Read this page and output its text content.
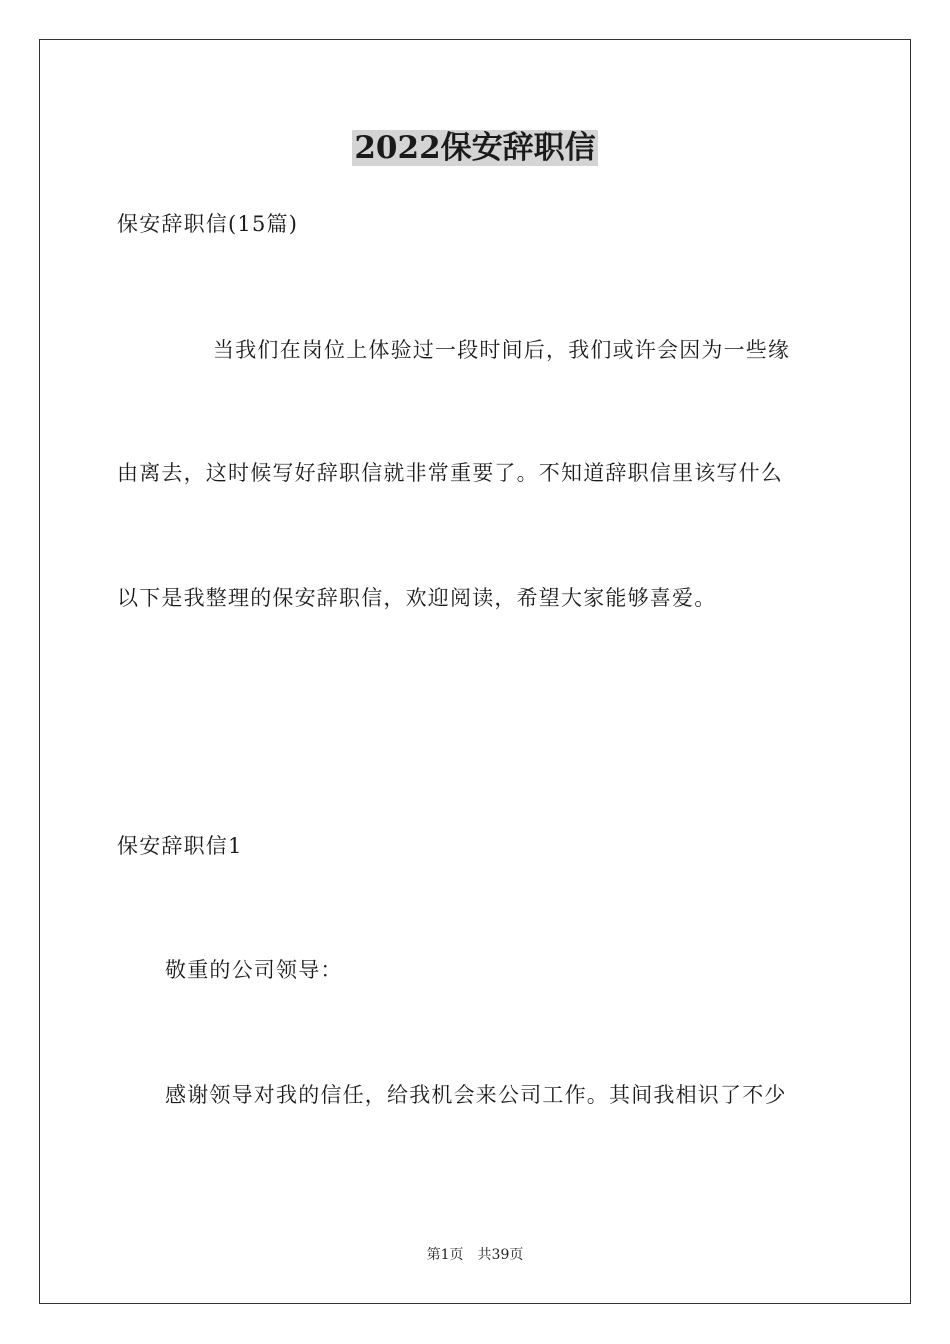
2022保安辞职信
保安辞职信(15篇)
当我们在岗位上体验过一段时间后，我们或许会因为一些缘
由离去，这时候写好辞职信就非常重要了。不知道辞职信里该写什么
以下是我整理的保安辞职信，欢迎阅读，希望大家能够喜爱。
保安辞职信1
敬重的公司领导：
感谢领导对我的信任，给我机会来公司工作。其间我相识了不少
第1页 共39页
